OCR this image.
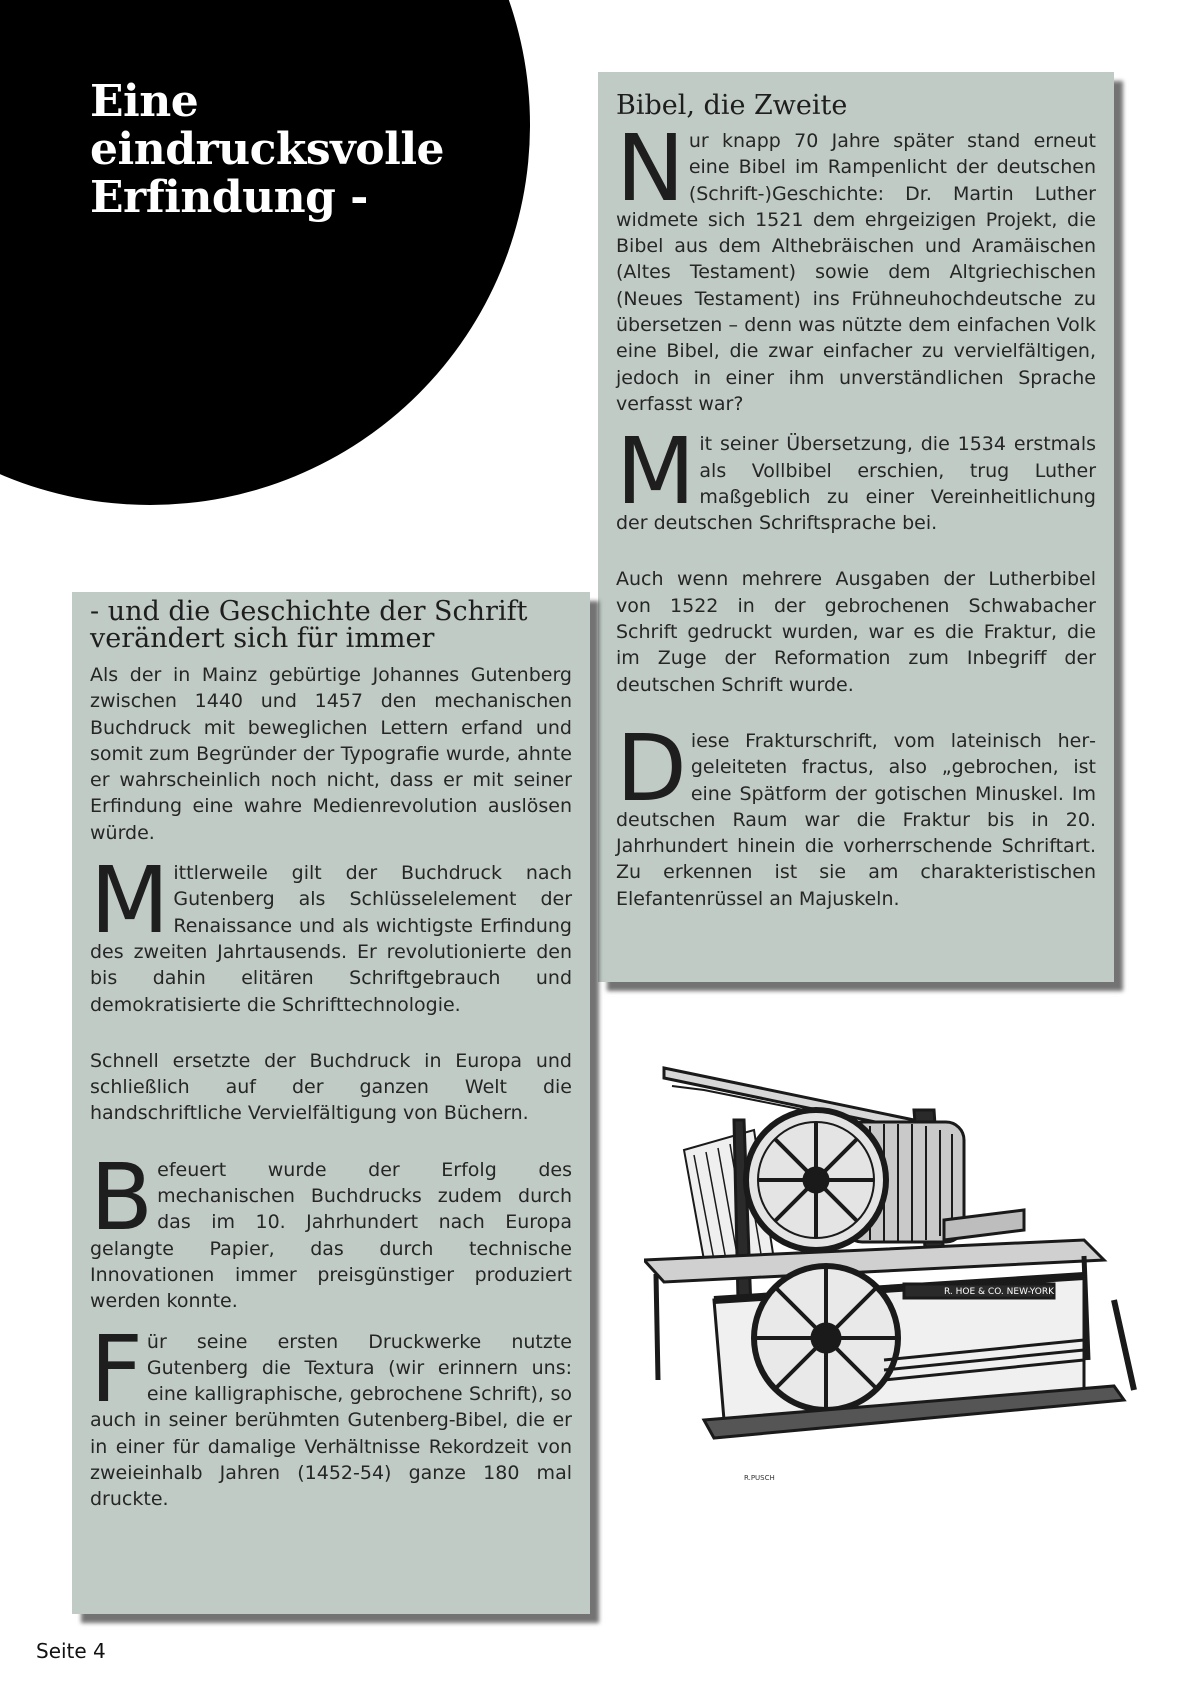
Eine
eindrucksvolle
Erfindung -
Bibel, die Zweite

Nur knapp 70 Jahre später stand erneut eine Bibel im Rampenlicht der deutschen (Schrift-)Geschichte: Dr. Martin Luther widmete sich 1521 dem ehrgeizigen Projekt, die Bibel aus dem Althebräischen und Aramäischen (Altes Testament) sowie dem Altgriechischen (Neues Testament) ins Frühneuhochdeutsche zu übersetzen – denn was nützte dem einfachen Volk eine Bibel, die zwar einfacher zu vervielfältigen, jedoch in einer ihm unverständlichen Sprache verfasst war?

Mit seiner Übersetzung, die 1534 erstmals als Vollbibel erschien, trug Luther maßgeblich zu einer Vereinheitlichung der deutschen Schriftsprache bei.

Auch wenn mehrere Ausgaben der Lutherbibel von 1522 in der gebrochenen Schwabacher Schrift gedruckt wurden, war es die Fraktur, die im Zuge der Reformation zum Inbegriff der deutschen Schrift wurde.

Diese Frakturschrift, vom lateinisch hergeleiteten fractus, also „gebrochen, ist eine Spätform der gotischen Minuskel. Im deutschen Raum war die Fraktur bis in 20. Jahrhundert hinein die vorherrschende Schriftart. Zu erkennen ist sie am charakteristischen Elefantenrüssel an Majuskeln.

- und die Geschichte der Schrift
verändert sich für immer

Als der in Mainz gebürtige Johannes Gutenberg zwischen 1440 und 1457 den mechanischen Buchdruck mit beweglichen Lettern erfand und somit zum Begründer der Typografie wurde, ahnte er wahrscheinlich noch nicht, dass er mit seiner Erfindung eine wahre Medienrevolution auslösen würde.

Mittlerweile gilt der Buchdruck nach Gutenberg als Schlüsselelement der Renaissance und als wichtigste Erfindung des zweiten Jahrtausends. Er revolutionierte den bis dahin elitären Schriftgebrauch und demokratisierte die Schrifttechnologie.

Schnell ersetzte der Buchdruck in Europa und schließlich auf der ganzen Welt die handschriftliche Vervielfältigung von Büchern.

Befeuert wurde der Erfolg des mechanischen Buchdrucks zudem durch das im 10. Jahrhundert nach Europa gelangte Papier, das durch technische Innovationen immer preisgünstiger produziert werden konnte.

Für seine ersten Druckwerke nutzte Gutenberg die Textura (wir erinnern uns: eine kalligraphische, gebrochene Schrift), so auch in seiner berühmten Gutenberg-Bibel, die er in einer für damalige Verhältnisse Rekordzeit von zweieinhalb Jahren (1452-54) ganze 180 mal druckte.

R. HOE & CO. NEW-YORK
R.PUSCH
Seite 4
